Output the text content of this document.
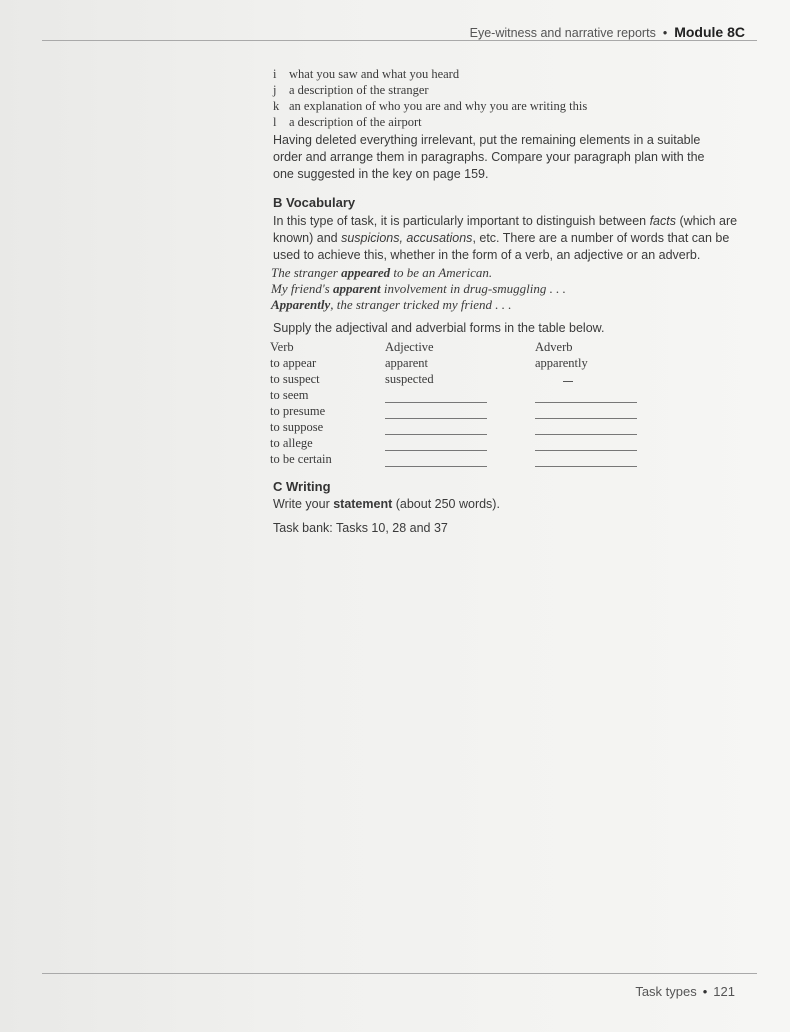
Eye-witness and narrative reports • Module 8C
i what you saw and what you heard
j a description of the stranger
k an explanation of who you are and why you are writing this
l a description of the airport
Having deleted everything irrelevant, put the remaining elements in a suitable
order and arrange them in paragraphs. Compare your paragraph plan with the
one suggested in the key on page 159.
B Vocabulary
In this type of task, it is particularly important to distinguish between facts (which are
known) and suspicions, accusations, etc. There are a number of words that can be
used to achieve this, whether in the form of a verb, an adjective or an adverb.
The stranger appeared to be an American.
My friend's apparent involvement in drug-smuggling . . .
Apparently, the stranger tricked my friend . . .
Supply the adjectival and adverbial forms in the table below.
Verb
to appear
to suspect
to seem
to presume
to suppose
to allege
to be certain
Adjective
apparent
suspected
Adverb
apparently
C Writing
Write your statement (about 250 words).
Task bank: Tasks 10, 28 and 37
Task types • 121
